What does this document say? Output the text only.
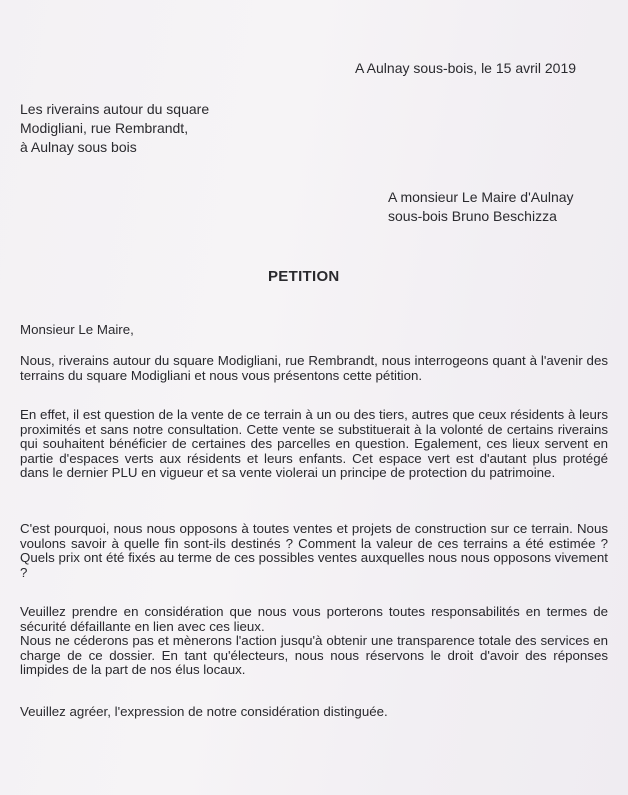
A Aulnay sous-bois, le 15 avril 2019
Les riverains autour du square
Modigliani, rue Rembrandt,
à Aulnay sous bois
A monsieur Le Maire d'Aulnay
sous-bois Bruno Beschizza
PETITION
Monsieur Le Maire,

Nous, riverains autour du square Modigliani, rue Rembrandt, nous interrogeons quant à l'avenir des terrains du square Modigliani et nous vous présentons cette pétition.

En effet, il est question de la vente de ce terrain à un ou des tiers, autres que ceux résidents à leurs proximités et sans notre consultation. Cette vente se substituerait à la volonté de certains riverains qui souhaitent bénéficier de certaines des parcelles en question. Egalement, ces lieux servent en partie d'espaces verts aux résidents et leurs enfants. Cet espace vert est d'autant plus protégé dans le dernier PLU en vigueur et sa vente violerai un principe de protection du patrimoine.

C'est pourquoi, nous nous opposons à toutes ventes et projets de construction sur ce terrain. Nous voulons savoir à quelle fin sont-ils destinés ? Comment la valeur de ces terrains a été estimée ? Quels prix ont été fixés au terme de ces possibles ventes auxquelles nous nous opposons vivement ?

Veuillez prendre en considération que nous vous porterons toutes responsabilités en termes de sécurité défaillante en lien avec ces lieux.

Nous ne céderons pas et mènerons l'action jusqu'à obtenir une transparence totale des services en charge de ce dossier. En tant qu'électeurs, nous nous réservons le droit d'avoir des réponses limpides de la part de nos élus locaux.

Veuillez agréer, l'expression de notre considération distinguée.
